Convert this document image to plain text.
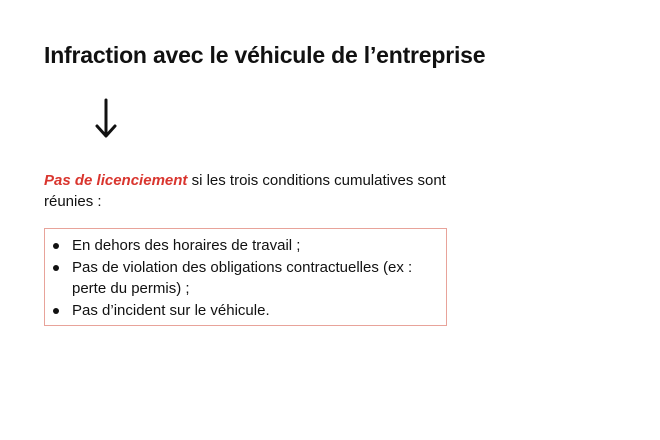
Infraction avec le véhicule de l’entreprise

Pas de licenciement si les trois conditions cumulatives sont réunies :

En dehors des horaires de travail ;
Pas de violation des obligations contractuelles (ex : perte du permis) ;
Pas d’incident sur le véhicule.
